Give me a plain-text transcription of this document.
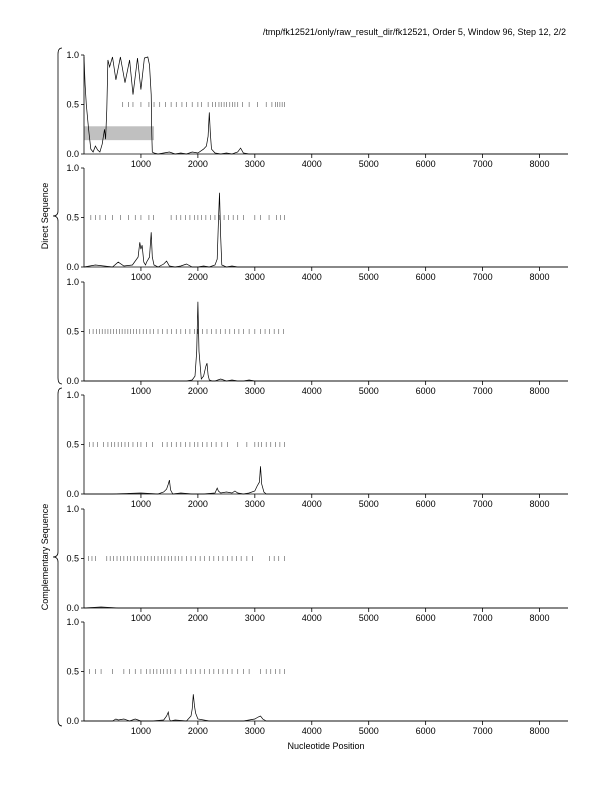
/tmp/fk12521/only/raw_result_dir/fk12521, Order 5, Window 96, Step 12, 2/2
0.0
0.5
1.0
1000	2000	3000	4000	5000	6000	7000	8000
0.0
0.5
1.0
1000	2000	3000	4000	5000	6000	7000	8000
0.0
0.5
1.0
1000	2000	3000	4000	5000	6000	7000	8000
0.0
0.5
1.0
1000	2000	3000	4000	5000	6000	7000	8000
0.0
0.5
1.0
1000	2000	3000	4000	5000	6000	7000	8000
0.0
0.5
1.0
1000	2000	3000	4000	5000	6000	7000	8000
Direct Sequence
Complementary Sequence
Nucleotide Position
